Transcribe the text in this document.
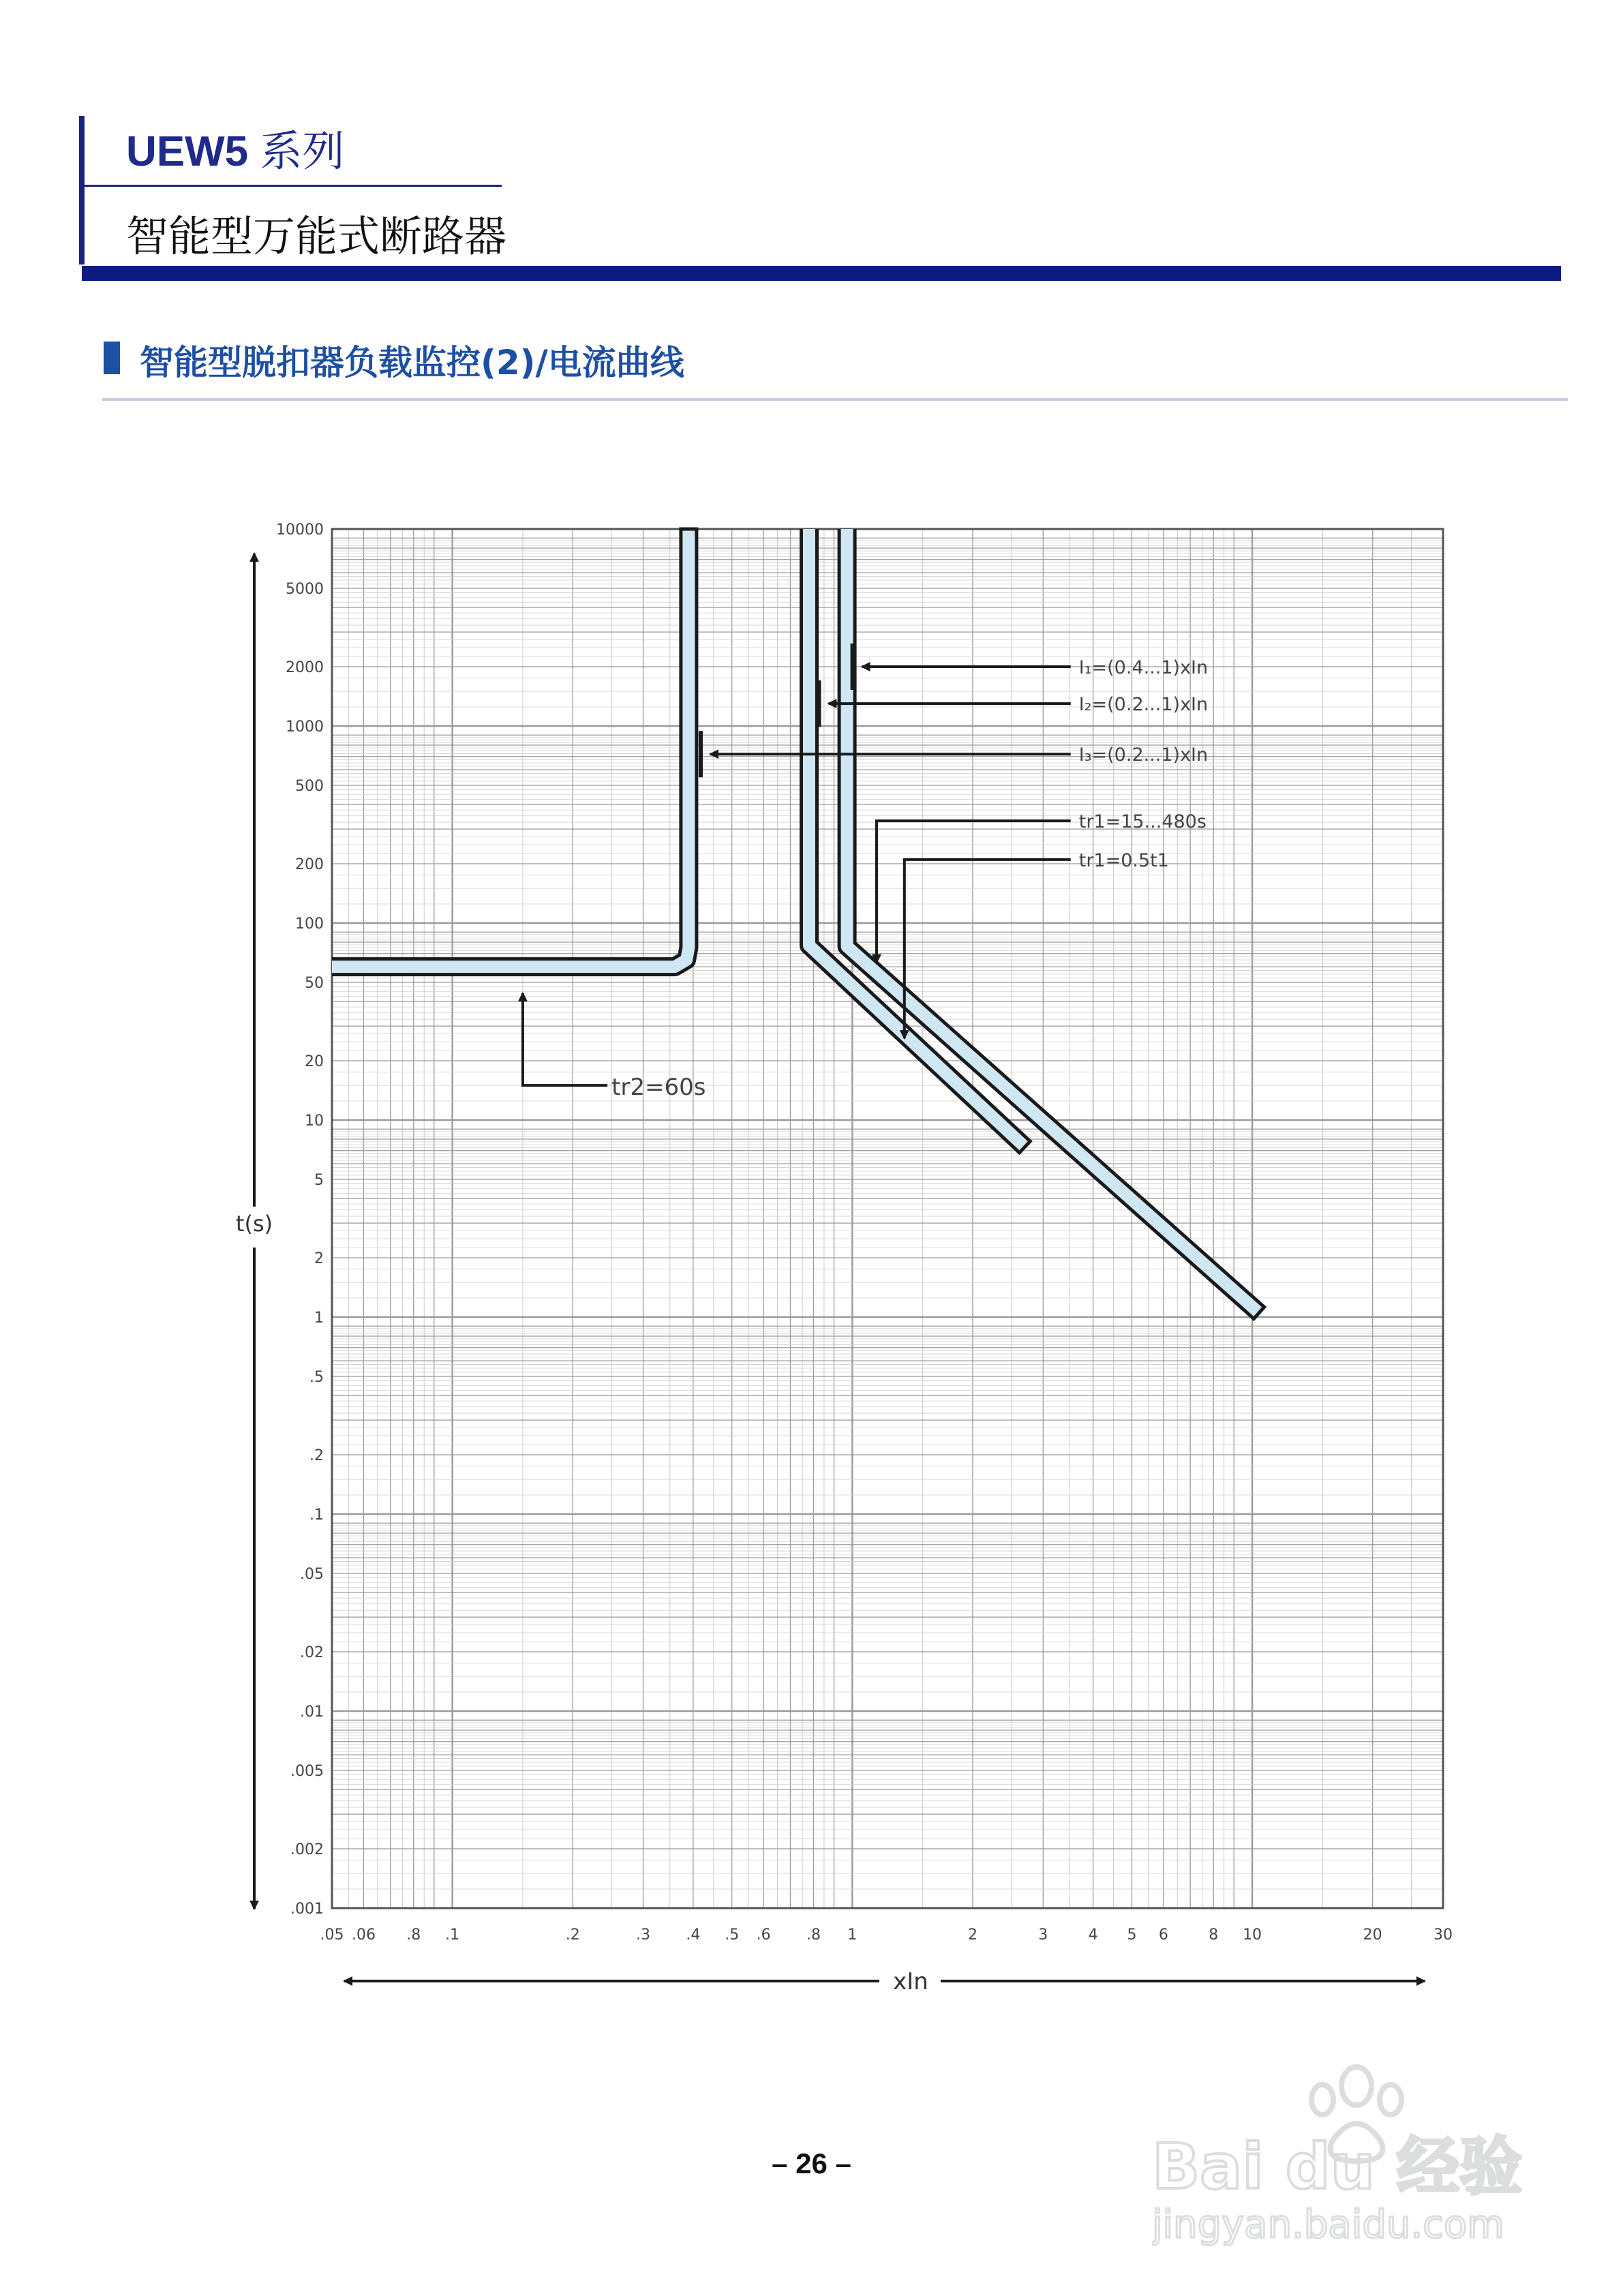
UEW5 系列
智能型万能式断路器
智能型脱扣器负载监控(2)/电流曲线
I₁=(0.4...1)xIn
I₂=(0.2...1)xIn
I₃=(0.2...1)xIn
tr1=15...480s
tr1=0.5t1
tr2=60s
.05 .06 .8 .1	.2	.3 .4 .5 .6 .8 1	2	3	4 5 6	8 10	20	30
10000
5000
2000
1000
500
200
100
50
20
10
5
2
1
.5
.2
.1
.05
.02
.01
.005
.002
.001
t(s)
xIn
– 26 –	Bai du 经验
jingyan.baidu.com
